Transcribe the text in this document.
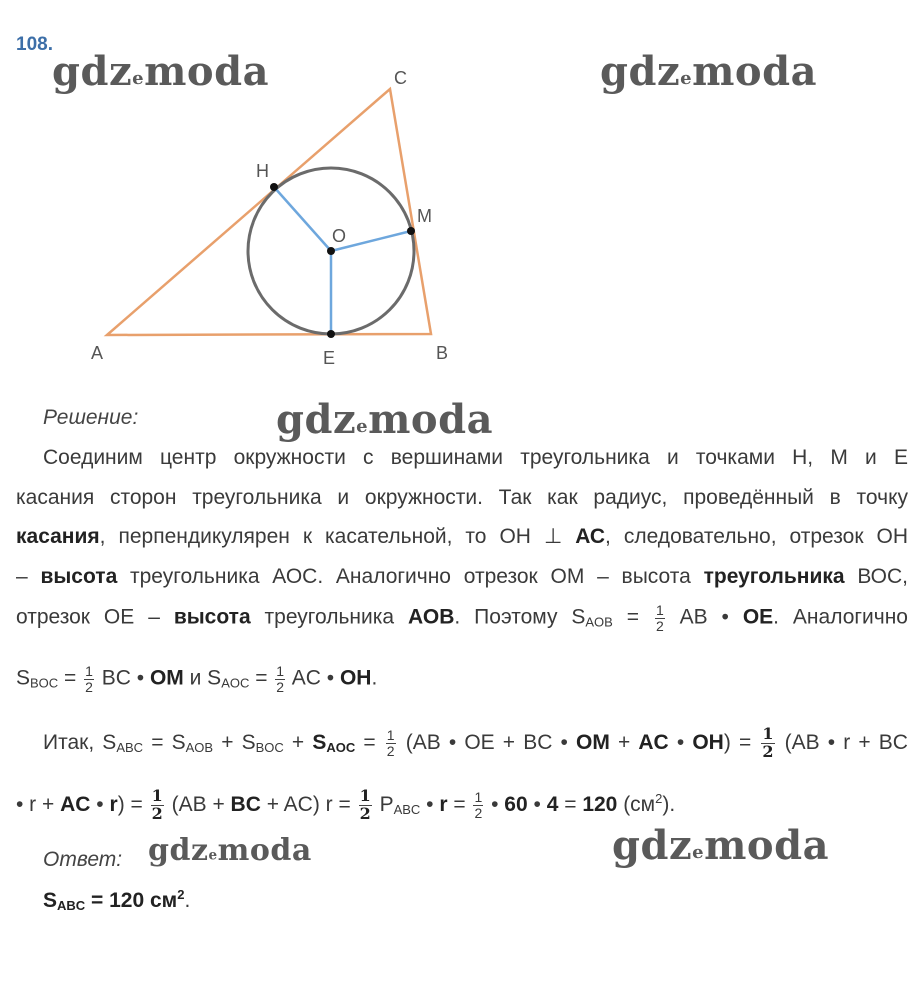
108.
gdzemoda	gdzemoda
A	B
C
H
M
O
E
Решение:	gdzemoda
Соединим центр окружности с вершинами треугольника и точками H, M и E
касания сторон треугольника и окружности. Так как радиус, проведённый в точку
касания, перпендикулярен к касательной, то ОН ⊥ АС, следовательно, отрезок ОН
– высота треугольника АОС. Аналогично отрезок ОМ – высота треугольника ВОС,
отрезок ОЕ – высота треугольника АОВ. Поэтому $S_{AOB} = \frac{1}{2}$ AB • OE. Аналогично
$S_{BOC} = \frac{1}{2}$ BC • OM и $S_{AOC} = \frac{1}{2}$ AC • OH.
Итак, $S_{ABC} = S_{AOB} + S_{BOC} + S_{AOC} = \frac{1}{2} (AB$ • OE + BC • OM + AC • $OH) = \frac{1}{2} (AB$ • r + BC
• r + AC • $r) = \frac{1}{2} (AB$ + BC + AC) $r = \frac{1}{2} P_{ABC}$ • $r = \frac{1}{2}$ • 60 • 4 = 120 $(см^2)$.
Ответ: gdzemoda	gdzemoda
$S_{ABC} = 120$ $см^2$.
